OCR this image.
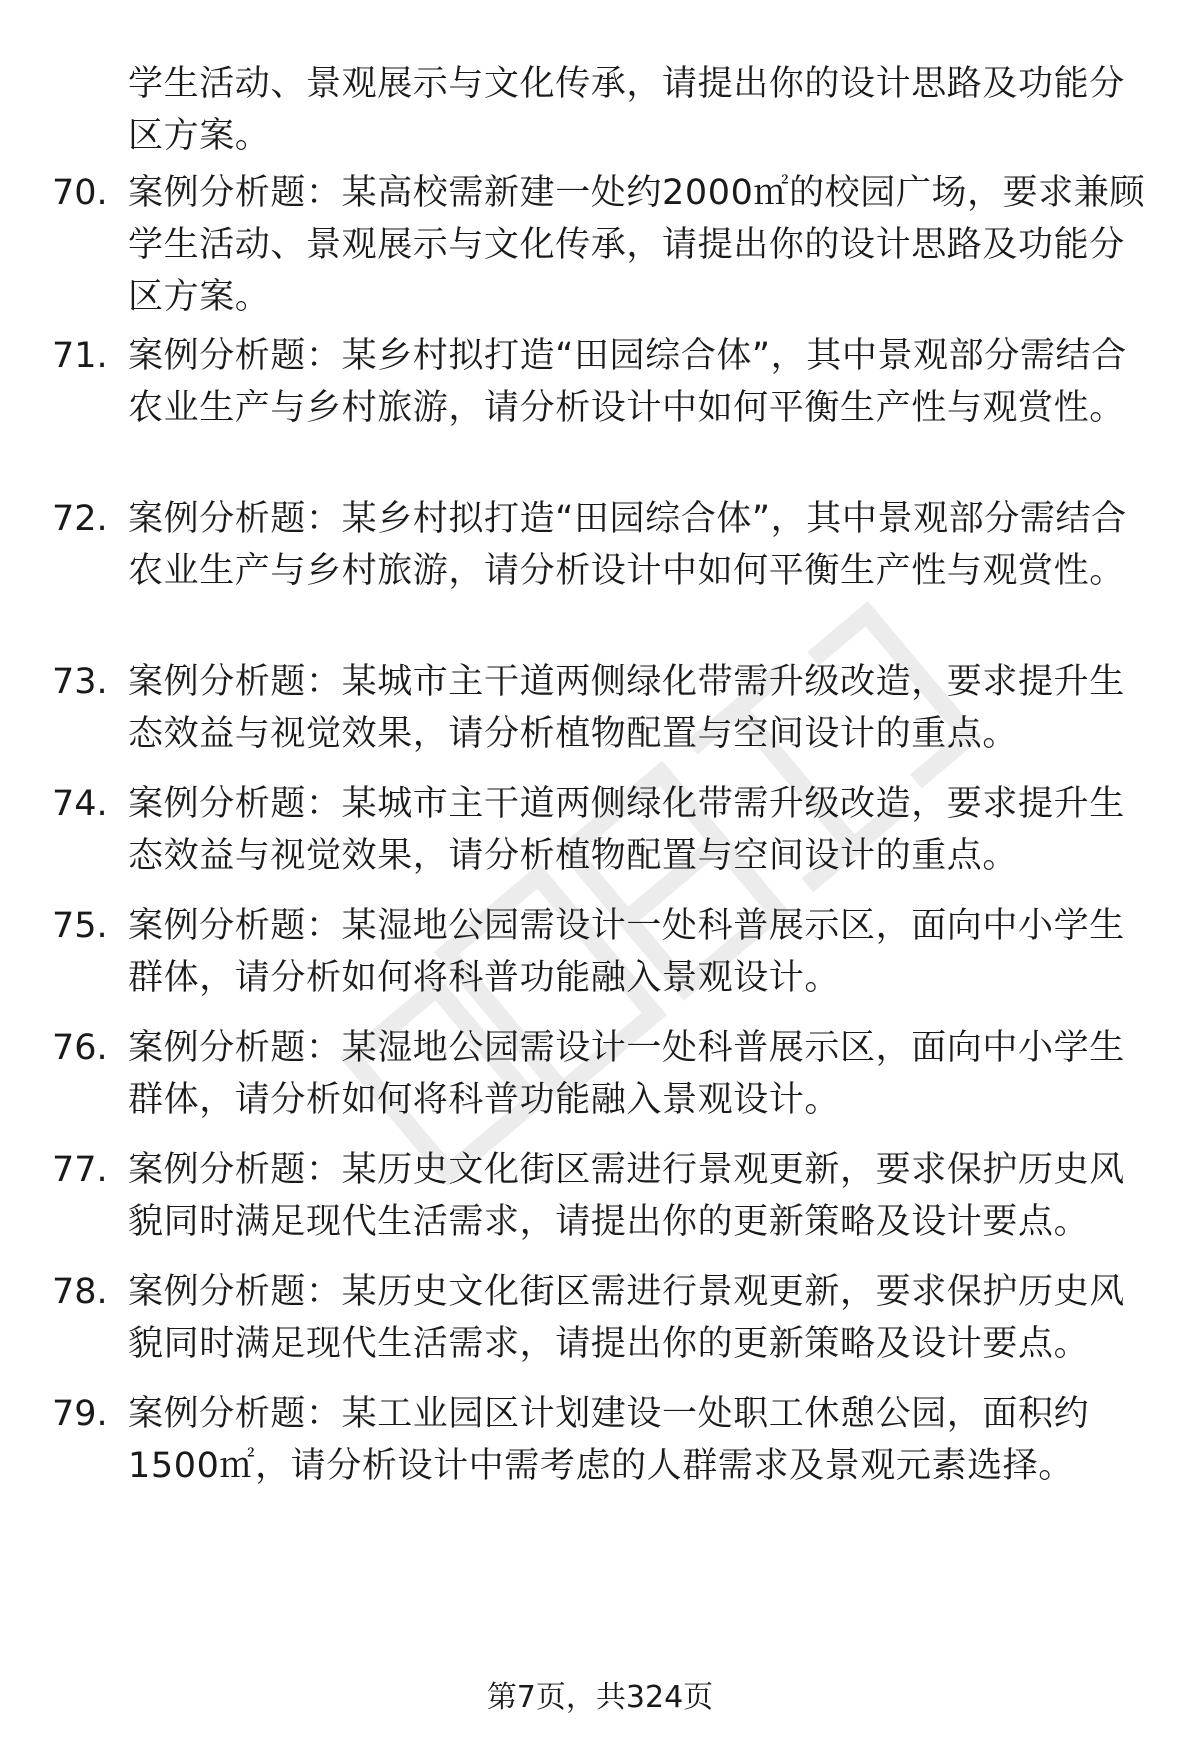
学生活动、景观展示与文化传承，请提出你的设计思路及功能分区方案。
70. 案例分析题：某高校需新建一处约2000㎡的校园广场，要求兼顾学生活动、景观展示与文化传承，请提出你的设计思路及功能分区方案。
71. 案例分析题：某乡村拟打造“田园综合体”，其中景观部分需结合农业生产与乡村旅游，请分析设计中如何平衡生产性与观赏性。
72. 案例分析题：某乡村拟打造“田园综合体”，其中景观部分需结合农业生产与乡村旅游，请分析设计中如何平衡生产性与观赏性。
73. 案例分析题：某城市主干道两侧绿化带需升级改造，要求提升生态效益与视觉效果，请分析植物配置与空间设计的重点。
74. 案例分析题：某城市主干道两侧绿化带需升级改造，要求提升生态效益与视觉效果，请分析植物配置与空间设计的重点。
75. 案例分析题：某湿地公园需设计一处科普展示区，面向中小学生群体，请分析如何将科普功能融入景观设计。
76. 案例分析题：某湿地公园需设计一处科普展示区，面向中小学生群体，请分析如何将科普功能融入景观设计。
77. 案例分析题：某历史文化街区需进行景观更新，要求保护历史风貌同时满足现代生活需求，请提出你的更新策略及设计要点。
78. 案例分析题：某历史文化街区需进行景观更新，要求保护历史风貌同时满足现代生活需求，请提出你的更新策略及设计要点。
79. 案例分析题：某工业园区计划建设一处职工休憩公园，面积约1500㎡，请分析设计中需考虑的人群需求及景观元素选择。
第7页，共324页
